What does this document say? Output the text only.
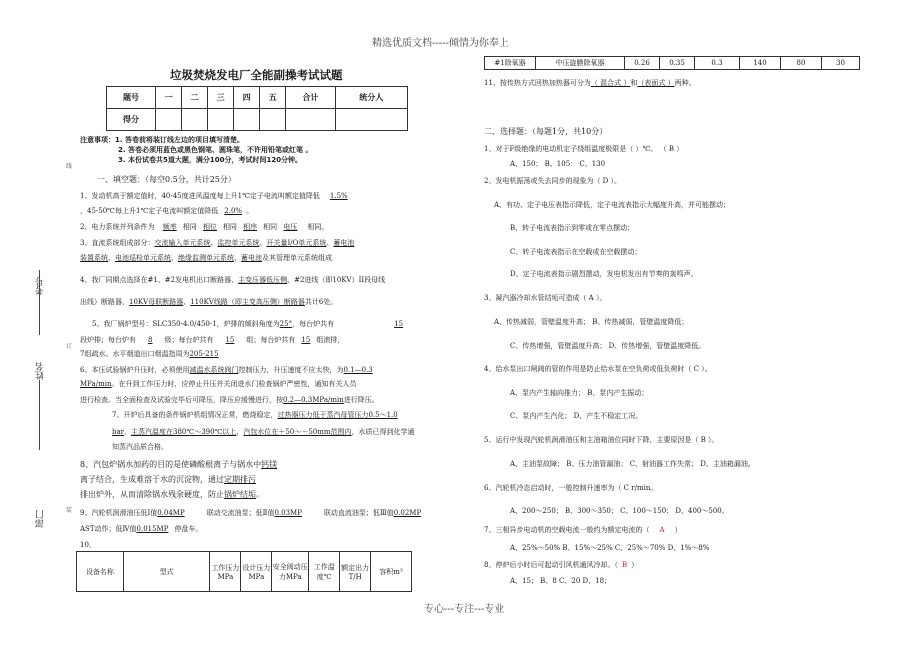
精选优质文档-----倾情为你奉上
专心---专注---专业
线
考号
订
姓名
部门	装
垃圾焚烧发电厂全能副操考试试题
题号	一	二	三	四	五	合计	统分人
得分							
注意事项：1. 答卷前将装订线左边的项目填写清楚。
2. 答卷必须用蓝色或黑色钢笔、圆珠笔，不许用铅笔或红笔 。
3. 本份试卷共5道大题，满分100分，考试时间120分钟。
一、填空题：（每空0.5分，共计25分）
1、发动机高于额定值时，40-45度进风温度每上升1℃定子电流叫额定值降低 1.5%
，45-50℃每上升1℃定子电流叫额定值降低 2.0% 。
2、电力系统并列条件为 频率 相同 相位 相同 相序 相同 电压 相同。
3、直流系统组成部分：交流输入单元系统、监控单元系统、开关量I/O单元系统、蓄电池
装置系统、电池巡检单元系统、绝缘监测单元系统、蓄电池及其管理单元系统组成
4、我厂同期点选择在#1、#2发电机出口断路器、主变压器低压侧、#2进线（即10KV）II段母线
出线）断路器、10KV母联断路器、110KV线路（即主变高压侧）断路器共计6处。
5、我厂锅炉型号：SLC350-4.0/450-1，炉排的倾斜角度为25°，每台炉共有	15
段炉排；每台炉有 8 级；每台炉共有 15 组；每台炉共有 15 组滚排，
7组疏水。水平烟道出口烟温指周为205-215
6、本压试验锅炉升压时，必须使用减温水系统阀门控制压力，升压速度不应太快，为0.1—0.3
MPa/min。在升到工作压力时，应停止升压并关闭进水门检查锅炉严密性，通知有关人员
进行检查。当全面检查及试验完毕后可降压，降压应缓慢进行，按0.2—0.3MPa/min进行降压。
7、开炉后具备的条件锅炉机组情况正常，燃烧稳定，过热器压力低于蒸汽母管压力0.5～1.0
bar，主蒸汽温度在380℃～390℃以上，汽包水位在＋50～－50mm范围内，水质已得到化学通
知蒸汽品质合格。
8、汽包炉锅水加药的目的是使磷酸根离子与锅水中钙镁
离子结合，生成难溶于水的沉淀物，通过定期排污
排出炉外，从而清除锅水残余硬度，防止锅炉结垢。
9、汽轮机润滑油压低Ⅰ值0.04MP	联动交流油泵；低Ⅱ值0.03MP	联动直流油泵；低Ⅲ值0.02MP
AST动作；低Ⅳ值0.015MP 停盘车。
10、
设备名称	型式	工作压力MPa	设计压力MPa	安全阀动压力MPa	工作温度℃	额定出力T/H	容积m³
#1除氧器	中压旋膜除氧器	0.26	0.35	0.3	140	80	30
11、按传热方式回热加热器可分为（ 混合式 ）和（表面式 ）两种。
二、选择题：（每题1分，共10分）
1、对于F级绝缘的电动机定子绕组温度极限是（ ）℃。 （ B ）
A、150； B、105： C、130
2、发电机振荡或失去同步的现象为（ D ）。
A、有功、定子电压表指示降低，定子电流表指示大幅度升高，并可能摆动；
B、转子电流表指示到零或在零点摆动；
C、转子电流表指示在空载或在空载摆动；
D、定子电流表指示剧烈摆动，发电机发出有节奏的轰鸣声。
3、凝汽器冷却水管结垢可造成（ A ）。
A、传热减弱，管壁温度升高； B、传热减弱，管壁温度降低；
C、传热增强，管壁温度升高； D、传热增强，管壁温度降低。
4、给水泵出口闸阀的管的作用是防止给水泵在空负荷或低负荷时（ C ）。
A、泵内产生轴向推力； B、泵内产生振动；
C、泵内产生汽化； D、产生不稳定工况。
5、运行中发现汽轮机润滑油压和主油箱油位同时下降，主要原因是（ B ）。
A、主油泵故障； B、压力油管漏油； C、射油器工作失常； D、主油箱漏油。
6、汽轮机冷态启动时，一般控制升速率为（ C r/min。
A、200～250； B、300～350； C、100～150； D、400～500。
7、三相异步电动机的空载电流一般约为额定电流的（ A ）
A、25%～50% B、15%～25% C、25%～70% D、1%～8%
8、停炉后小时后可起动引风机通风冷却。（ B ）
A、15； B、8 C、20 D、18；
